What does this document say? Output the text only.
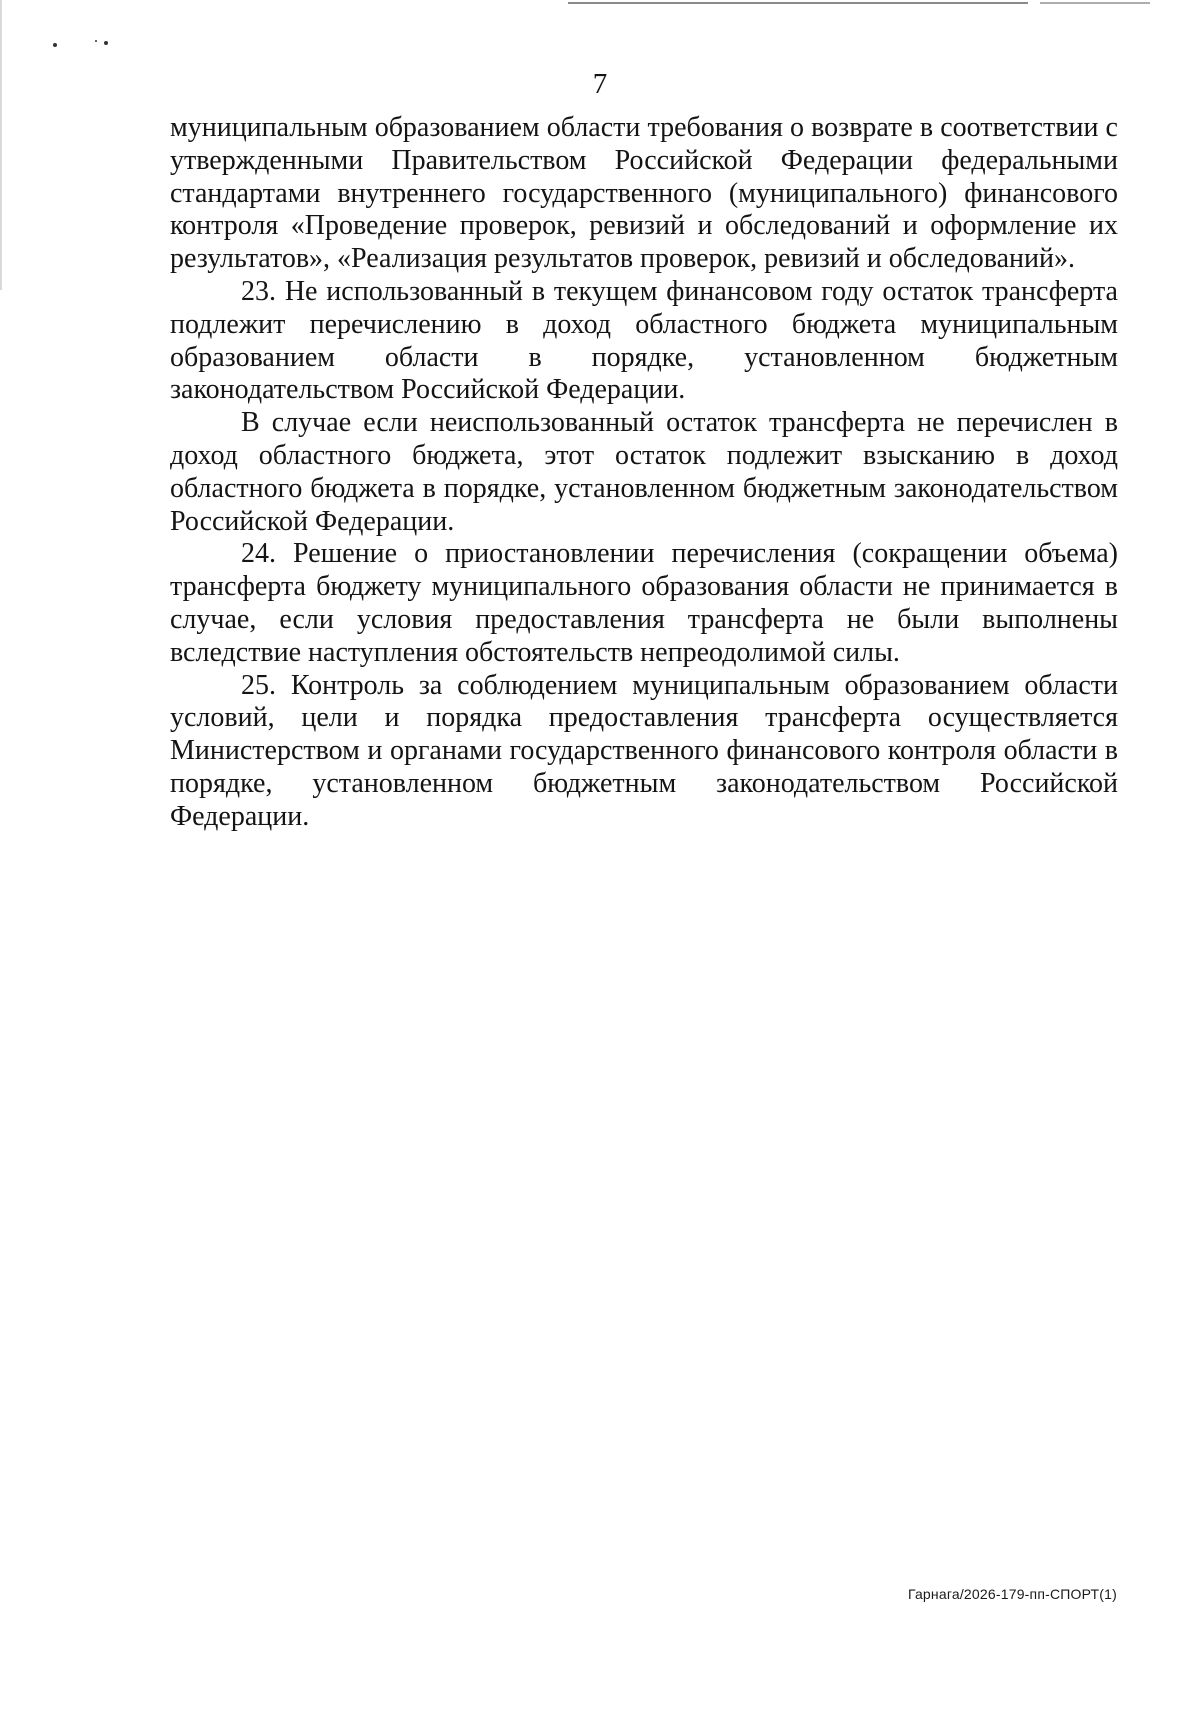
7

муниципальным образованием области требования о возврате в соответствии с утвержденными Правительством Российской Федерации федеральными стандартами внутреннего государственного (муниципального) финансового контроля «Проведение проверок, ревизий и обследований и оформление их результатов», «Реализация результатов проверок, ревизий и обследований».

23. Не использованный в текущем финансовом году остаток трансферта подлежит перечислению в доход областного бюджета муниципальным образованием области в порядке, установленном бюджетным законодательством Российской Федерации.

В случае если неиспользованный остаток трансферта не перечислен в доход областного бюджета, этот остаток подлежит взысканию в доход областного бюджета в порядке, установленном бюджетным законодательством Российской Федерации.

24. Решение о приостановлении перечисления (сокращении объема) трансферта бюджету муниципального образования области не принимается в случае, если условия предоставления трансферта не были выполнены вследствие наступления обстоятельств непреодолимой силы.

25. Контроль за соблюдением муниципальным образованием области условий, цели и порядка предоставления трансферта осуществляется Министерством и органами государственного финансового контроля области в порядке, установленном бюджетным законодательством Российской Федерации.

Гарнага/2026-179-пп-СПОРТ(1)
